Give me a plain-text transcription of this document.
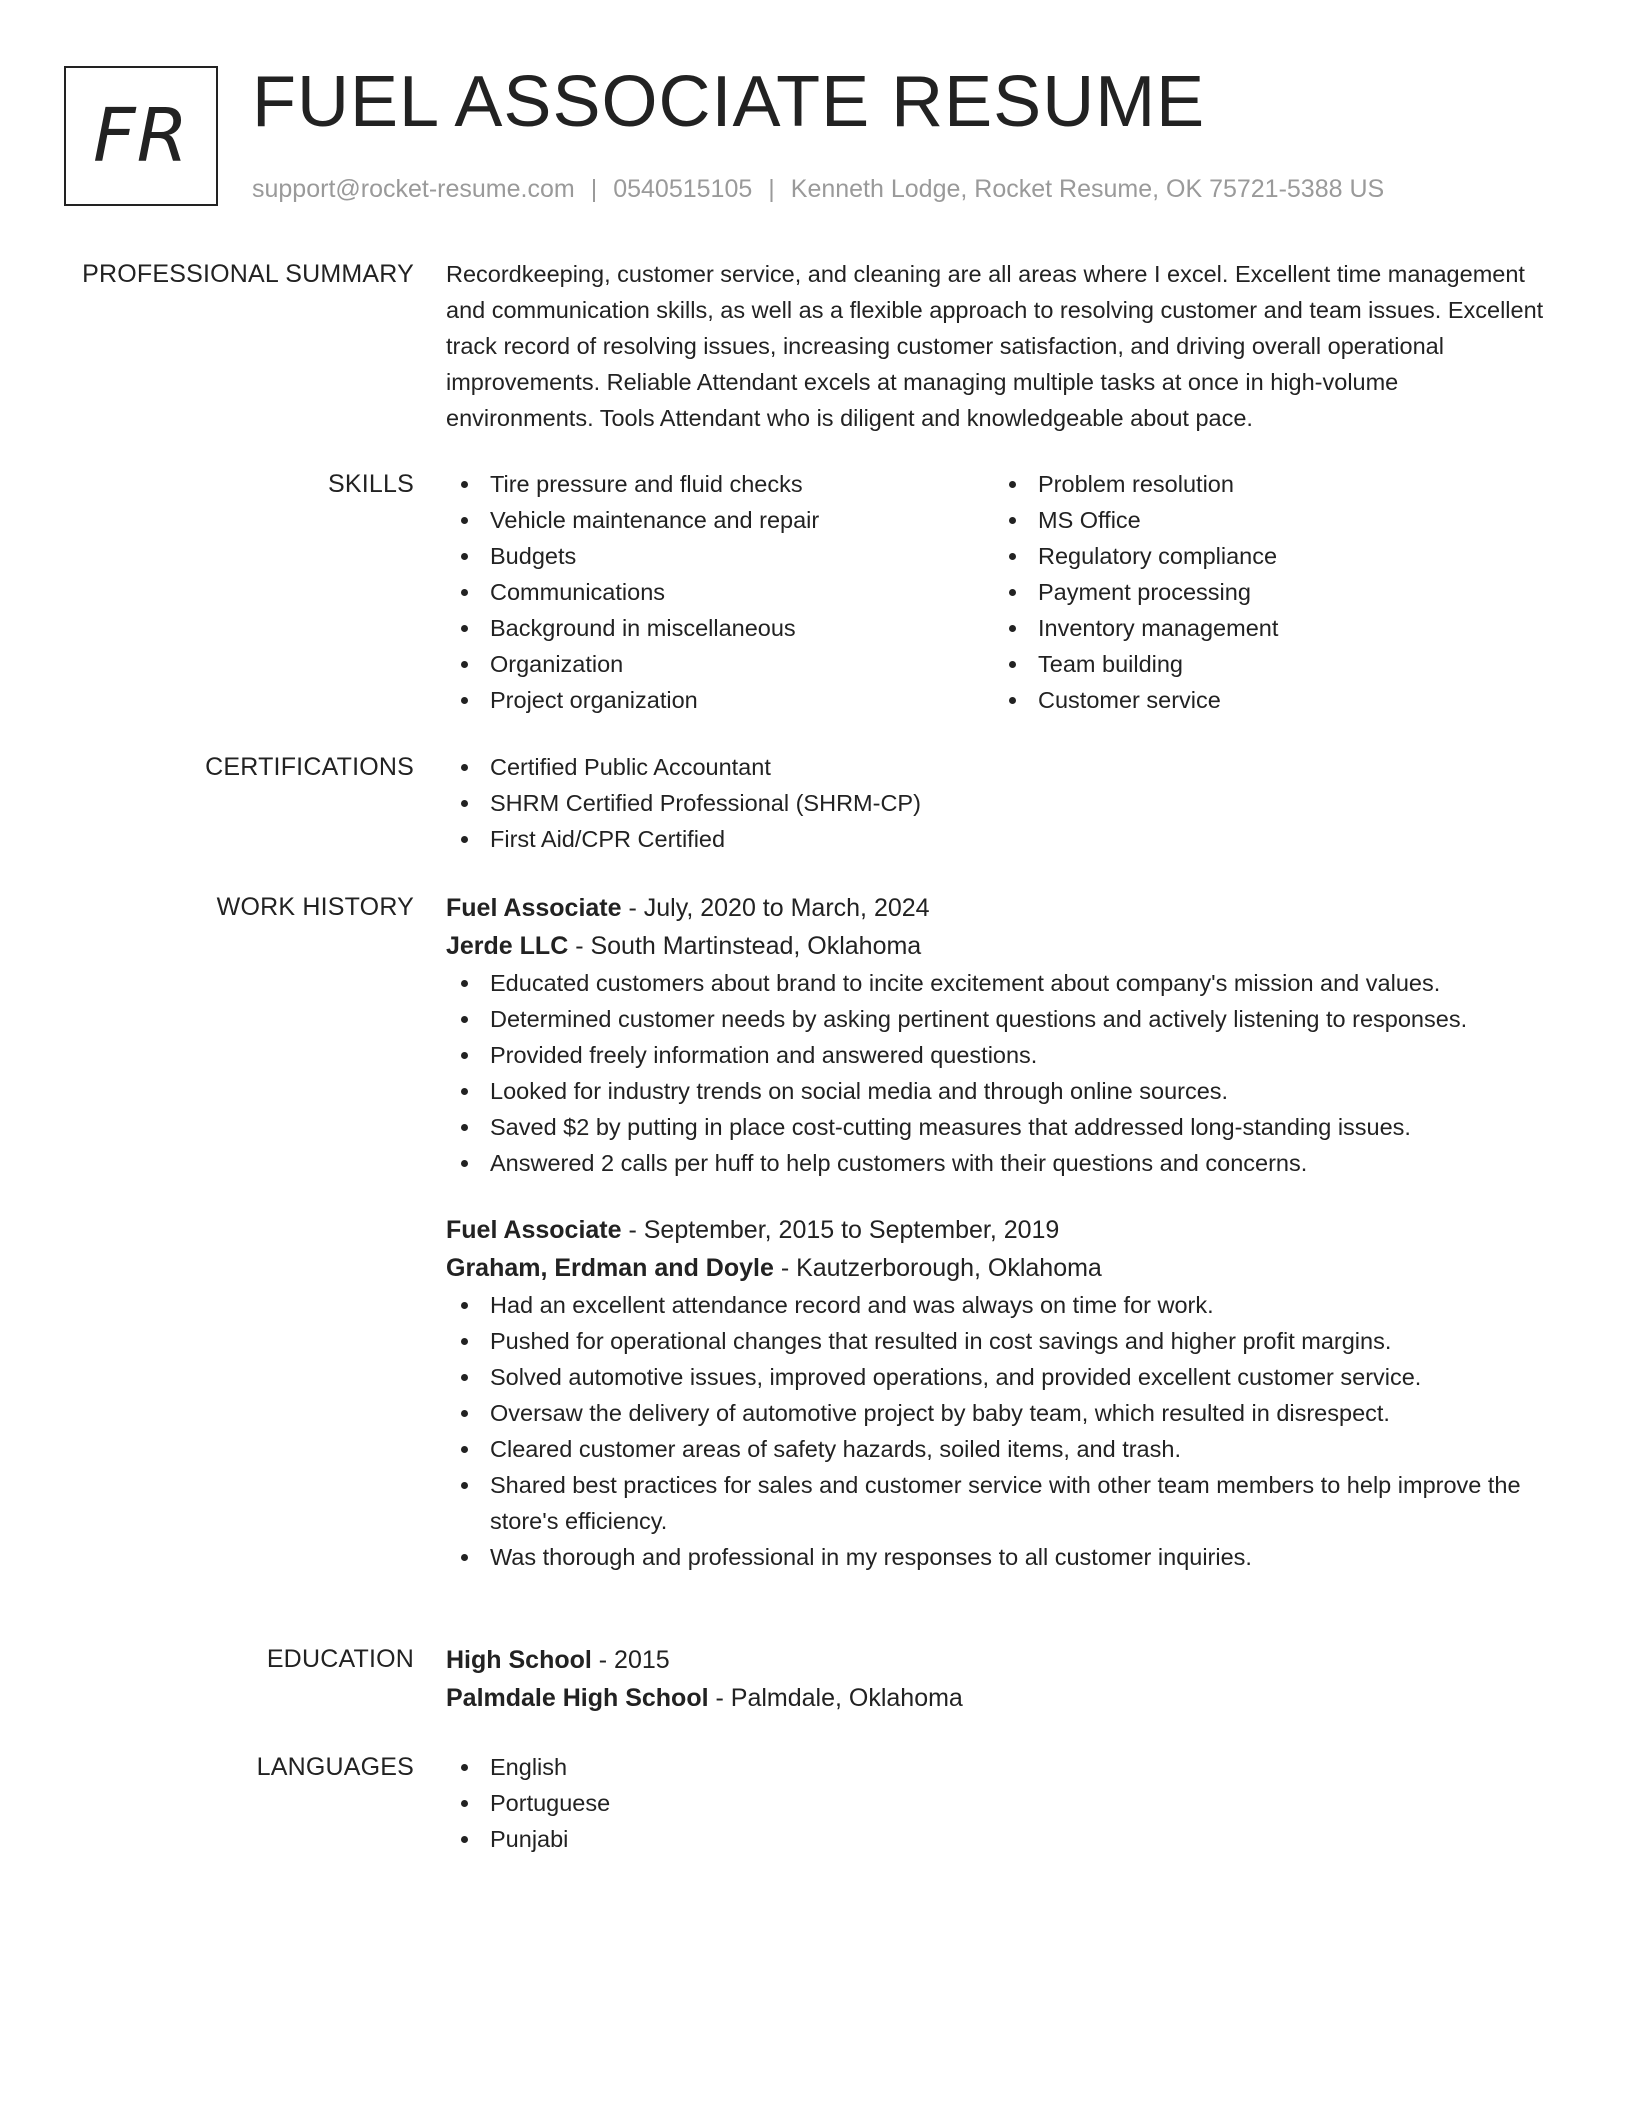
FR FUEL ASSOCIATE RESUME
support@rocket-resume.com | 0540515105 | Kenneth Lodge, Rocket Resume, OK 75721-5388 US
PROFESSIONAL SUMMARY Recordkeeping, customer service, and cleaning are all areas where I excel. Excellent time management and communication skills, as well as a flexible approach to resolving customer and team issues. Excellent track record of resolving issues, increasing customer satisfaction, and driving overall operational improvements. Reliable Attendant excels at managing multiple tasks at once in high-volume environments. Tools Attendant who is diligent and knowledgeable about pace.

SKILLS	Tire pressure and fluid checks
Vehicle maintenance and repair
Budgets
Communications
Background in miscellaneous
Organization
Project organization
Problem resolution
MS Office
Regulatory compliance
Payment processing
Inventory management
Team building
Customer service
CERTIFICATIONS	Certified Public Accountant
SHRM Certified Professional (SHRM-CP)
First Aid/CPR Certified
WORK HISTORY Fuel Associate - July, 2020 to March, 2024
Jerde LLC - South Martinstead, Oklahoma
Educated customers about brand to incite excitement about company's mission and values.
Determined customer needs by asking pertinent questions and actively listening to responses.
Provided freely information and answered questions.
Looked for industry trends on social media and through online sources.
Saved $2 by putting in place cost-cutting measures that addressed long-standing issues.
Answered 2 calls per huff to help customers with their questions and concerns.
Fuel Associate - September, 2015 to September, 2019
Graham, Erdman and Doyle - Kautzerborough, Oklahoma
Had an excellent attendance record and was always on time for work.
Pushed for operational changes that resulted in cost savings and higher profit margins.
Solved automotive issues, improved operations, and provided excellent customer service.
Oversaw the delivery of automotive project by baby team, which resulted in disrespect.
Cleared customer areas of safety hazards, soiled items, and trash.
Shared best practices for sales and customer service with other team members to help improve the store's efficiency.
Was thorough and professional in my responses to all customer inquiries.
EDUCATION High School - 2015
Palmdale High School - Palmdale, Oklahoma
LANGUAGES	English
Portuguese
Punjabi
